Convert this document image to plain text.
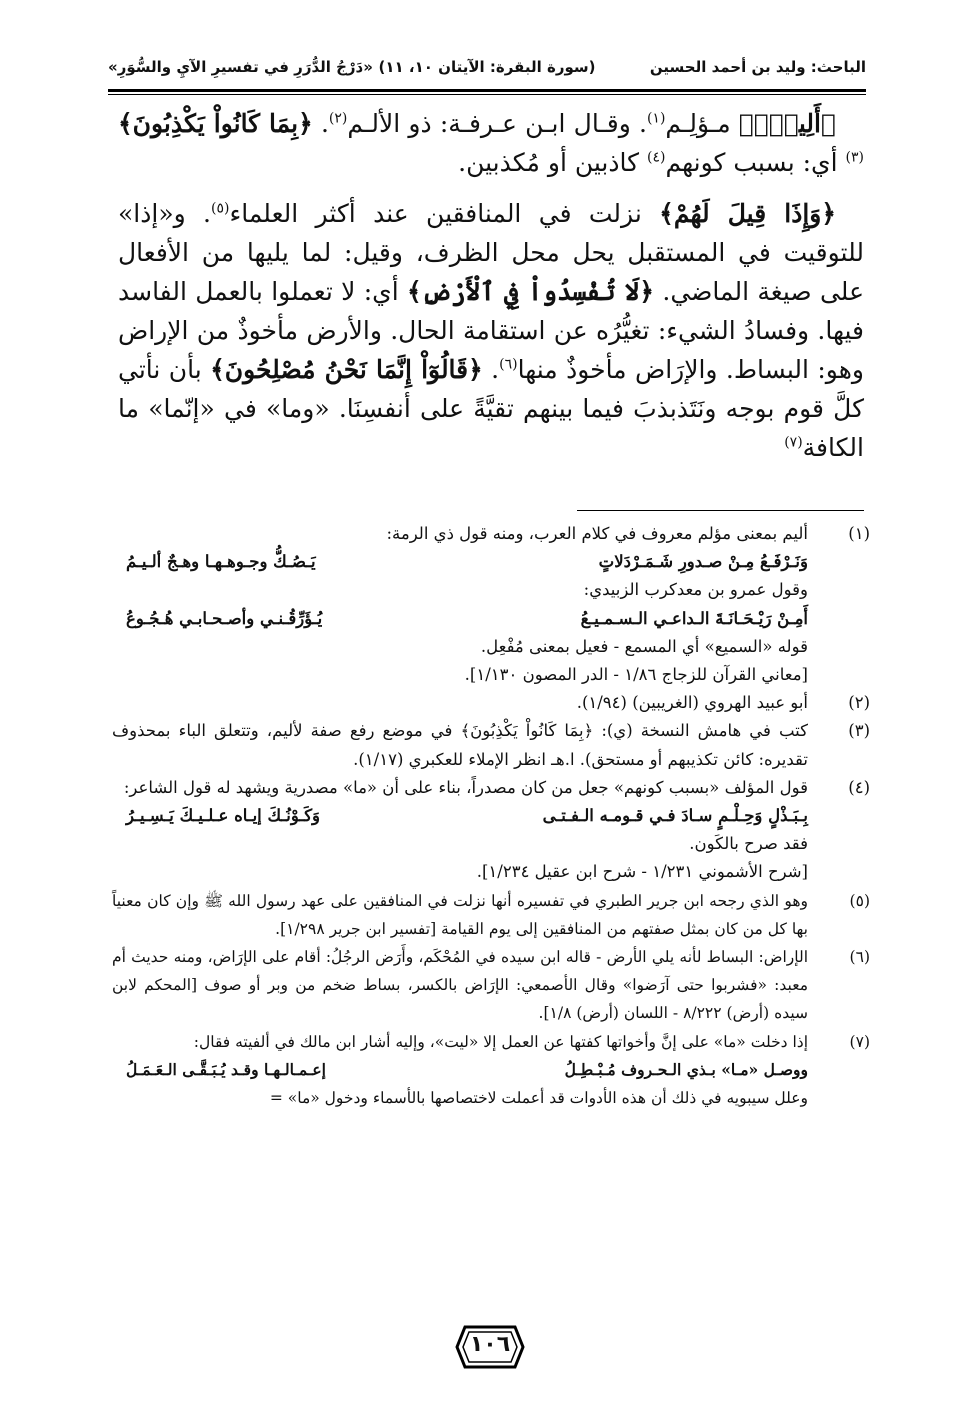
الباحث: وليد بن أحمد الحسين
(سورة البقرة: الآيتان ١٠، ١١)
«دَرْجُ الدُّرَرِ في تفسيرِ الآيِ والسُّوَرِ»

﴿أَلِيمٌۢ﴾ مـؤلِـم$^{(١)}$. وقـال ابـن عـرفـة: ذو الألـم$^{(٢)}$. ﴿بِمَا كَانُواْ يَكْذِبُونَ﴾$^{(٣)}$ أي: بسبب كونهم$^{(٤)}$ كاذبين أو مُكذبين.

﴿وَإِذَا قِيلَ لَهُمْ﴾ نزلت في المنافقين عند أكثر العلماء$^{(٥)}$. و«إذا» للتوقيت في المستقبل يحل محل الظرف، وقيل: لما يليها من الأفعال على صيغة الماضي. ﴿لَا تُفْسِدُواْ فِي ٱلْأَرْضِ﴾ أي: لا تعملوا بالعمل الفاسد فيها. وفسادُ الشيء: تغيُّرُه عن استقامة الحال. والأرض مأخوذٌ من الإراض وهو: البساط. والإرَاض مأخوذٌ منها$^{(٦)}$. ﴿قَالُوٓاْ إِنَّمَا نَحْنُ مُصْلِحُونَ﴾ بأن نأتي كلَّ قوم بوجه ونَتَذبذبَ فيما بينهم تقيَّةً على أنفسِنَا. «وما» في «إنّما» ما الكافة$^{(٧)}$

(١)
أليم بمعنى مؤلم معروف في كلام العرب، ومنه قول ذي الرمة:
وَنَـرْفَـعُ مِـنْ صـدورِ شَـمَـرْدَلاتٍ
يَـصُـكُّ وجـوهـهـا وهـجٌ ألـيـمُ
وقول عمرو بن معدكرب الزبيدي:
أَمِـنْ رَيْـحَـانَـةَ الـداعـي الـسـمـيـعُ
يُـؤَرِّقُـنـي وأصـحـابـي هُـجُـوعُ
قوله «السميع» أي المسمع - فعيل بمعنى مُفْعِل.
[معاني القرآن للزجاج ١/٨٦ - الدر المصون ١/١٣٠].
(٢)
أبو عبيد الهروي (الغريبين) (١/٩٤).
(٣)
كتب في هامش النسخة (ي): ﴿بِمَا كَانُواْ يَكْذِبُونَ﴾ في موضع رفع صفة لأليم، وتتعلق الباء بمحذوف تقديره: كائن تكذيبهم أو مستحق). ا.هـ انظر الإملاء للعكبري (١/١٧).
(٤)
قول المؤلف «بسبب كونهم» جعل من كان مصدراً، بناء على أن «ما» مصدرية ويشهد له قول الشاعر:
بِـبَـذْلٍ وَحِـلْـمٍ سـادَ فـي قـومـه الـفـتـى
وَكَـوْنُـكَ إيـاه عـلـيـكَ يَـسِـيـرُ
فقد صرح بالكَون.
[شرح الأشموني ١/٢٣١ - شرح ابن عقيل ١/٢٣٤].
(٥)
وهو الذي رجحه ابن جرير الطبري في تفسيره أنها نزلت في المنافقين على عهد رسول الله ﷺ وإن كان معنياً بها كل من كان بمثل صفتهم من المنافقين إلى يوم القيامة [تفسير ابن جرير ١/٢٩٨].
(٦)
الإراض: البساط لأنه يلي الأرض - قاله ابن سيده في المُحْكَم، وأَرَض الرجُلُ: أقام على الإرَاض، ومنه حديث أم معبد: «فشربوا حتى آرَضوا» وقال الأصمعي: الإرَاض بالكسر، بساط ضخم من وبر أو صوف [المحكم لابن سيده (أرض) ٨/٢٢٢ - اللسان (أرض) ١/٨].
(٧)
إذا دخلت «ما» على إنَّ وأخواتها كفتها عن العمل إلا «ليت»، وإليه أشار ابن مالك في ألفيته فقال:
ووصـل «مـا» بـذي الـحـروف مُـبْـطِـلُ
إعـمـالـهـا وقـد يُـبَـقَّـى الـعَـمَـلُ
وعلل سيبويه في ذلك أن هذه الأدوات قد أعملت لاختصاصها بالأسماء ودخول «ما» =
١٠٦
